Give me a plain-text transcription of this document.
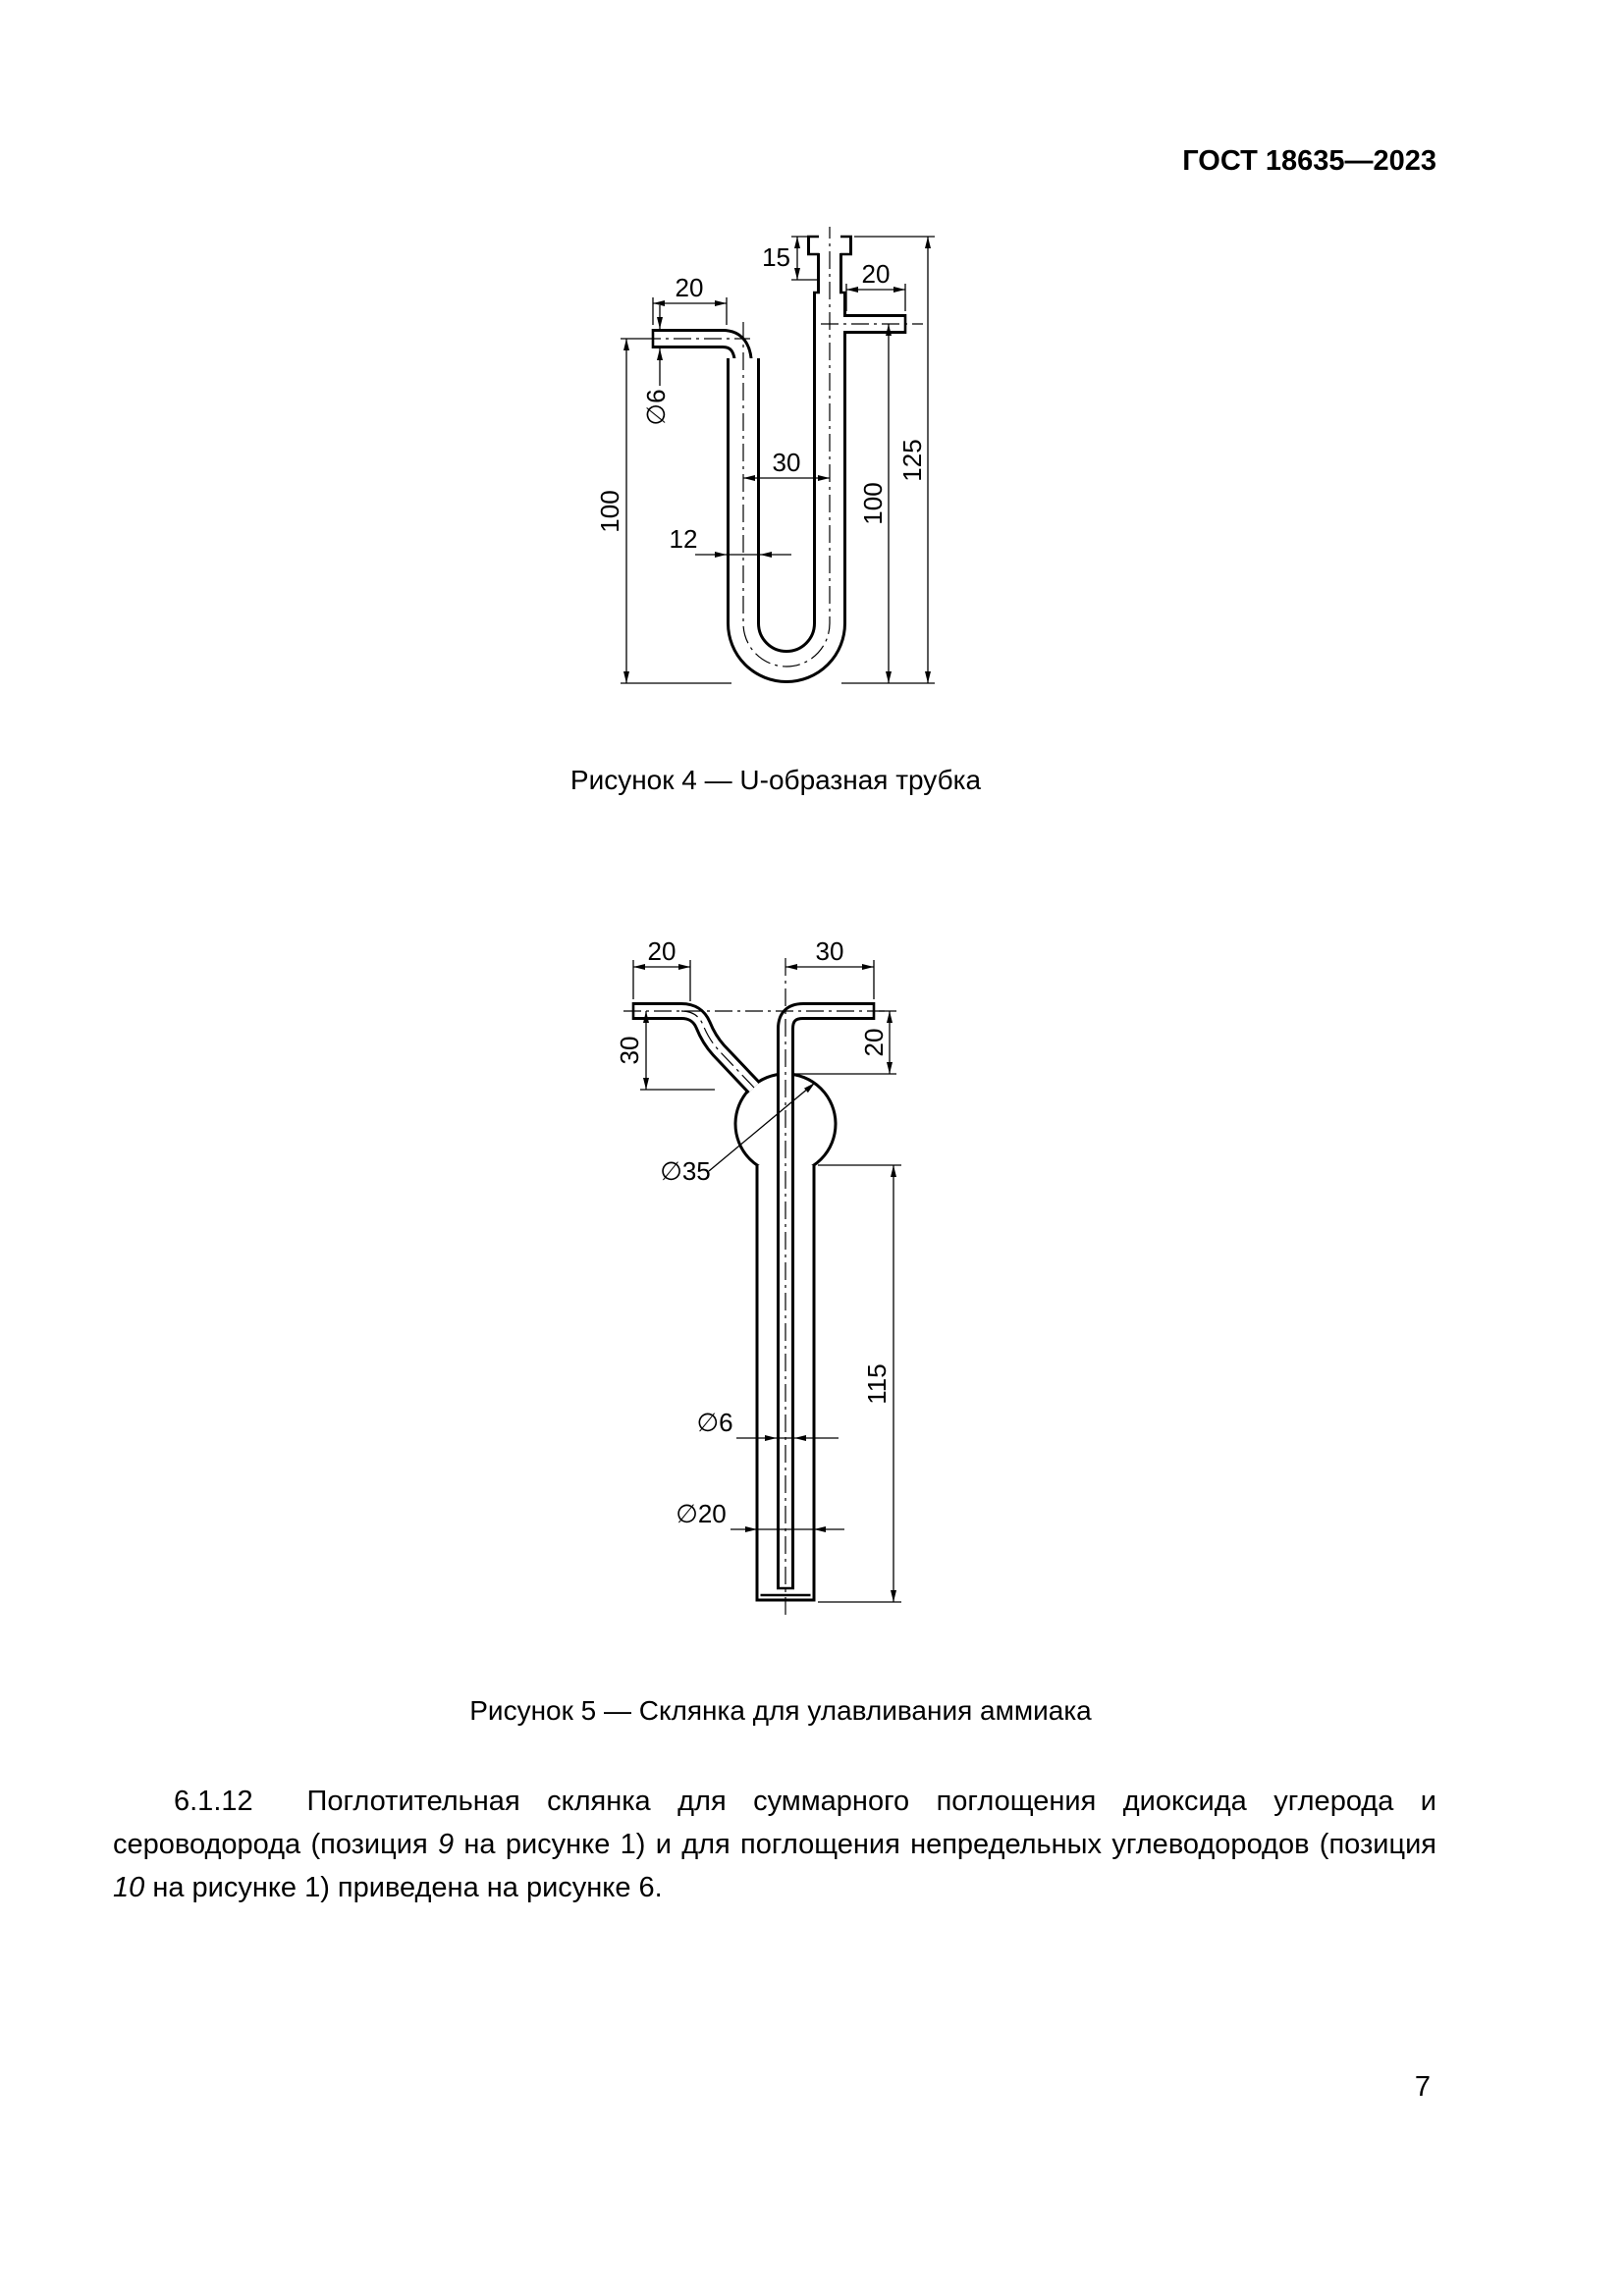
ГОСТ 18635—2023
20
15
20
∅6
30
12
100	100
125
Рисунок 4 — U-образная трубка
20	30
30	20
∅35
115
∅6
∅20
Рисунок 5 — Склянка для улавливания аммиака

6.1.12  Поглотительная склянка для суммарного поглощения диоксида углерода и сероводорода (позиция 9 на рисунке 1) и для поглощения непредельных углеводородов (позиция 10 на рисунке 1) приведена на рисунке 6.

7
